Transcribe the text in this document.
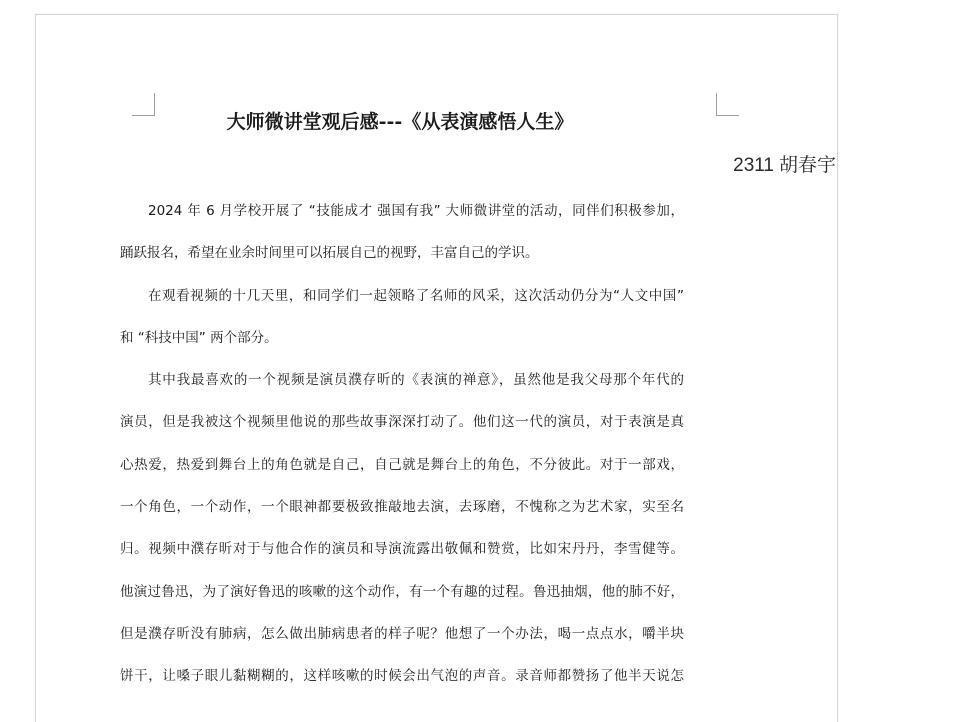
大师微讲堂观后感---《从表演感悟人生》
2311 胡春宇
2024 年 6 月学校开展了 “技能成才 强国有我” 大师微讲堂的活动，同伴们积极参加，
踊跃报名，希望在业余时间里可以拓展自己的视野，丰富自己的学识。
在观看视频的十几天里，和同学们一起领略了名师的风采，这次活动仍分为“人文中国”
和 “科技中国” 两个部分。
其中我最喜欢的一个视频是演员濮存昕的《表演的禅意》，虽然他是我父母那个年代的
演员，但是我被这个视频里他说的那些故事深深打动了。他们这一代的演员，对于表演是真
心热爱，热爱到舞台上的角色就是自己，自己就是舞台上的角色，不分彼此。对于一部戏，
一个角色，一个动作，一个眼神都要极致推敲地去演，去琢磨，不愧称之为艺术家，实至名
归。视频中濮存昕对于与他合作的演员和导演流露出敬佩和赞赏，比如宋丹丹，李雪健等。
他演过鲁迅，为了演好鲁迅的咳嗽的这个动作，有一个有趣的过程。鲁迅抽烟，他的肺不好，
但是濮存昕没有肺病，怎么做出肺病患者的样子呢？他想了一个办法，喝一点点水，嚼半块
饼干，让嗓子眼儿黏糊糊的，这样咳嗽的时候会出气泡的声音。录音师都赞扬了他半天说怎
